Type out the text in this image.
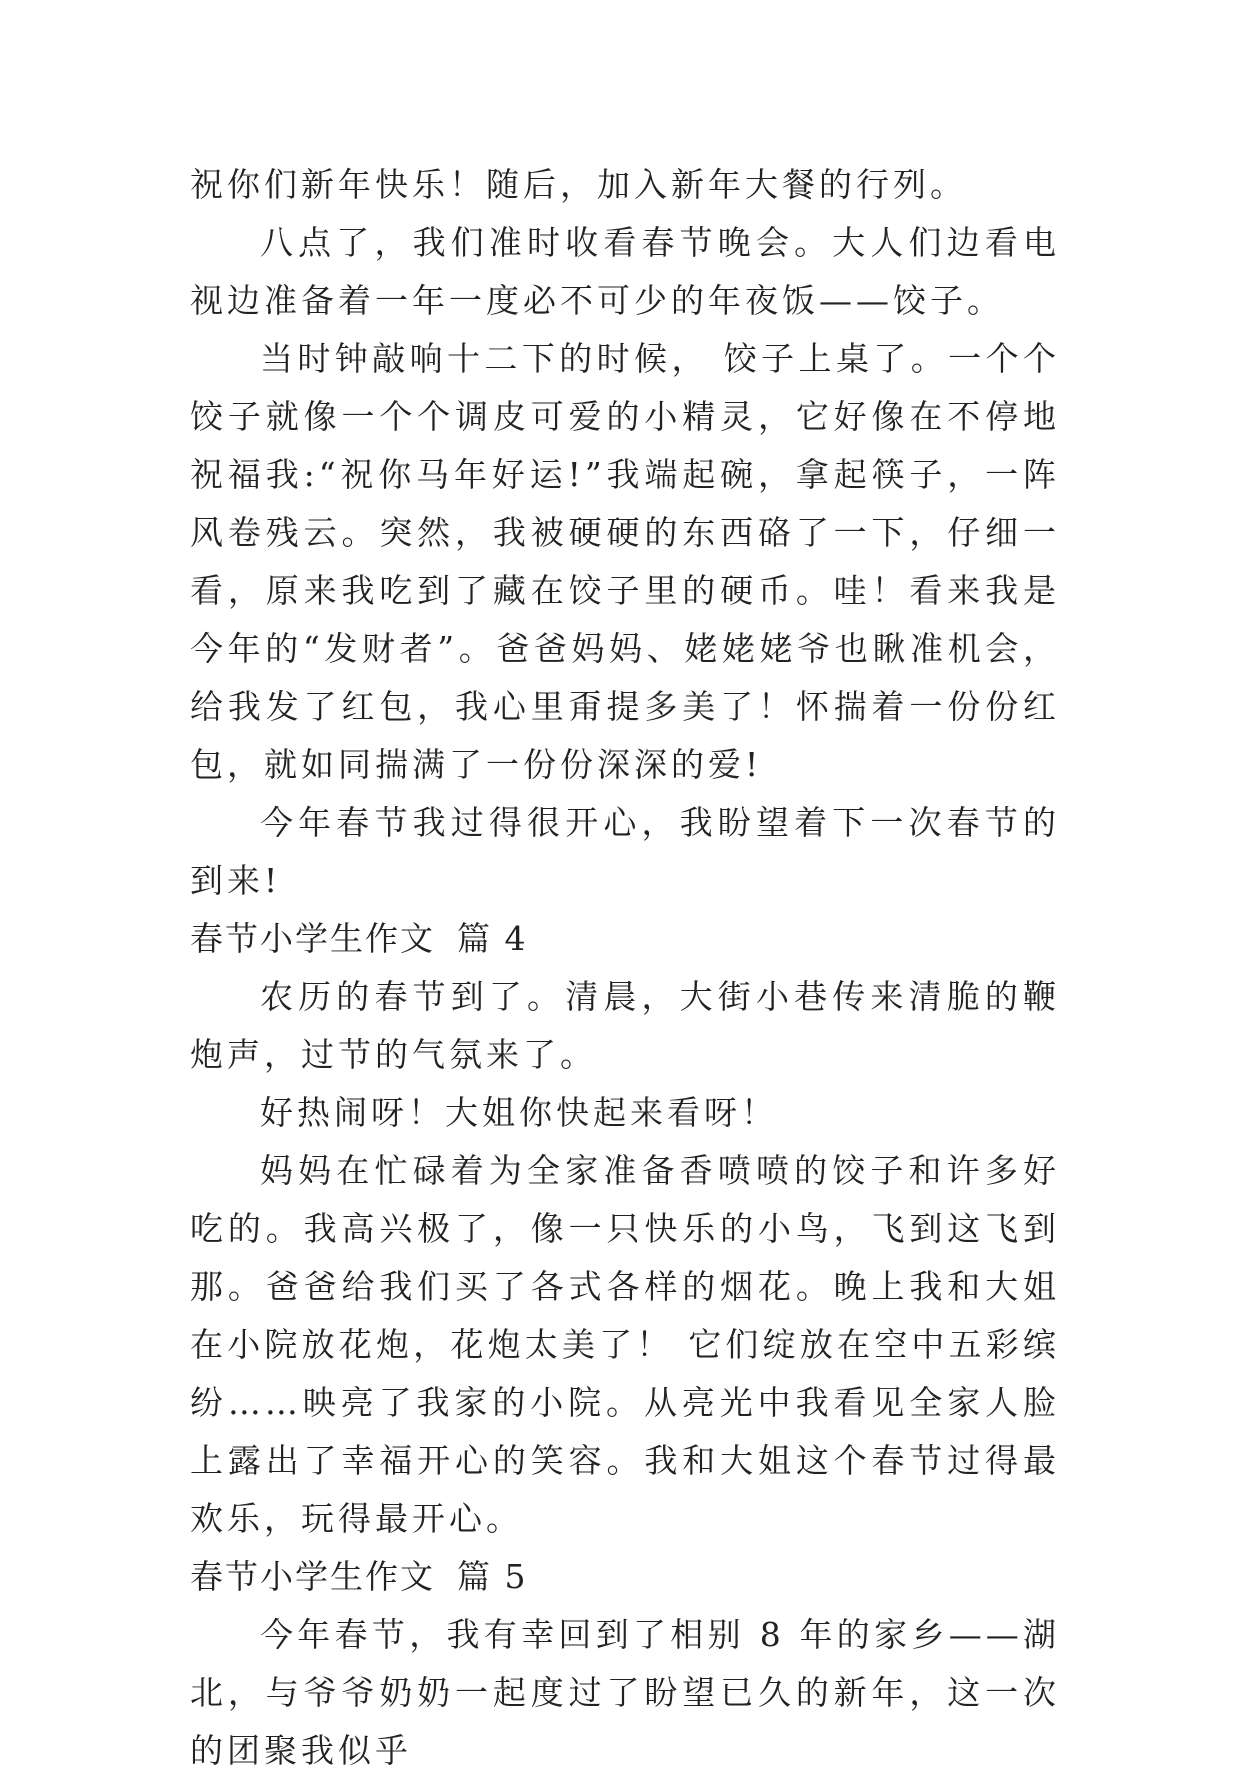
祝你们新年快乐！随后，加入新年大餐的行列。

八点了，我们准时收看春节晚会。大人们边看电视边准备着一年一度必不可少的年夜饭——饺子。

当时钟敲响十二下的时候， 饺子上桌了。一个个饺子就像一个个调皮可爱的小精灵，它好像在不停地祝福我:“祝你马年好运!”我端起碗，拿起筷子，一阵风卷残云。突然，我被硬硬的东西硌了一下，仔细一看，原来我吃到了藏在饺子里的硬币。哇！看来我是今年的“发财者”。爸爸妈妈、姥姥姥爷也瞅准机会，给我发了红包，我心里甭提多美了！怀揣着一份份红包，就如同揣满了一份份深深的爱!

今年春节我过得很开心，我盼望着下一次春节的到来!

春节小学生作文 篇 4

农历的春节到了。清晨，大街小巷传来清脆的鞭炮声，过节的气氛来了。

好热闹呀！大姐你快起来看呀！

妈妈在忙碌着为全家准备香喷喷的饺子和许多好吃的。我高兴极了，像一只快乐的小鸟，飞到这飞到那。爸爸给我们买了各式各样的烟花。晚上我和大姐在小院放花炮，花炮太美了！ 它们绽放在空中五彩缤纷……映亮了我家的小院。从亮光中我看见全家人脸上露出了幸福开心的笑容。我和大姐这个春节过得最欢乐，玩得最开心。

春节小学生作文 篇 5

今年春节，我有幸回到了相别 8 年的家乡——湖北，与爷爷奶奶一起度过了盼望已久的新年，这一次的团聚我似乎
